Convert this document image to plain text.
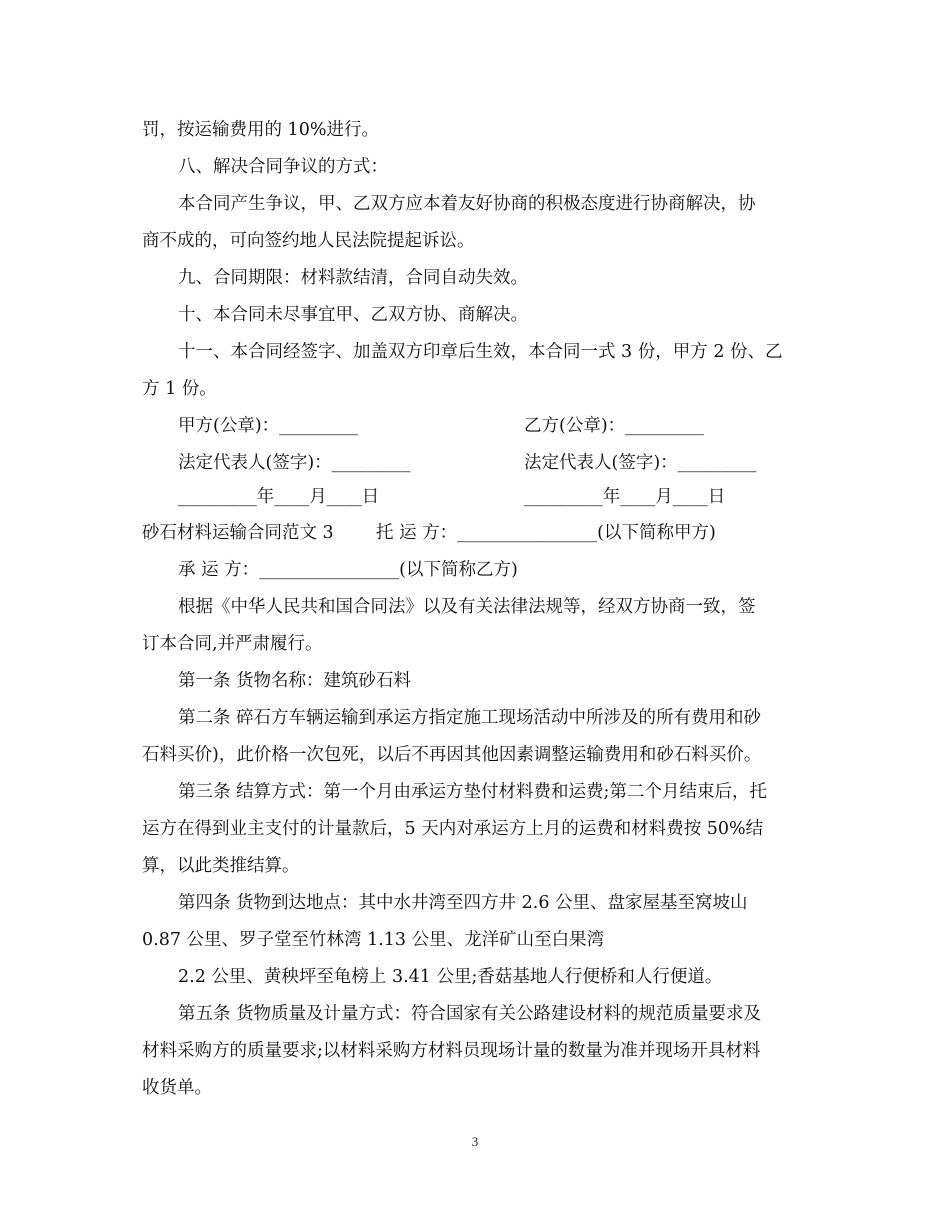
罚，按运输费用的 10%进行。
八、解决合同争议的方式：
本合同产生争议，甲、乙双方应本着友好协商的积极态度进行协商解决，协
商不成的，可向签约地人民法院提起诉讼。
九、合同期限：材料款结清，合同自动失效。
十、本合同未尽事宜甲、乙双方协、商解决。
十一、本合同经签字、加盖双方印章后生效，本合同一式 3 份，甲方 2 份、乙
方 1 份。
甲方(公章)：_________	乙方(公章)：_________
法定代表人(签字)：_________	法定代表人(签字)：_________
_________年____月____日	_________年____月____日
砂石材料运输合同范文 3 托 运 方：________________(以下简称甲方)
承 运 方：________________(以下简称乙方)
根据《中华人民共和国合同法》以及有关法律法规等，经双方协商一致，签
订本合同,并严肃履行。
第一条 货物名称：建筑砂石料
第二条 碎石方车辆运输到承运方指定施工现场活动中所涉及的所有费用和砂
石料买价)，此价格一次包死，以后不再因其他因素调整运输费用和砂石料买价。
第三条 结算方式：第一个月由承运方垫付材料费和运费;第二个月结束后，托
运方在得到业主支付的计量款后，5 天内对承运方上月的运费和材料费按 50%结
算，以此类推结算。
第四条 货物到达地点：其中水井湾至四方井 2.6 公里、盘家屋基至窝坡山
0.87 公里、罗子堂至竹林湾 1.13 公里、龙洋矿山至白果湾
2.2 公里、黄秧坪至龟榜上 3.41 公里;香菇基地人行便桥和人行便道。
第五条 货物质量及计量方式：符合国家有关公路建设材料的规范质量要求及
材料采购方的质量要求;以材料采购方材料员现场计量的数量为准并现场开具材料
收货单。
3
